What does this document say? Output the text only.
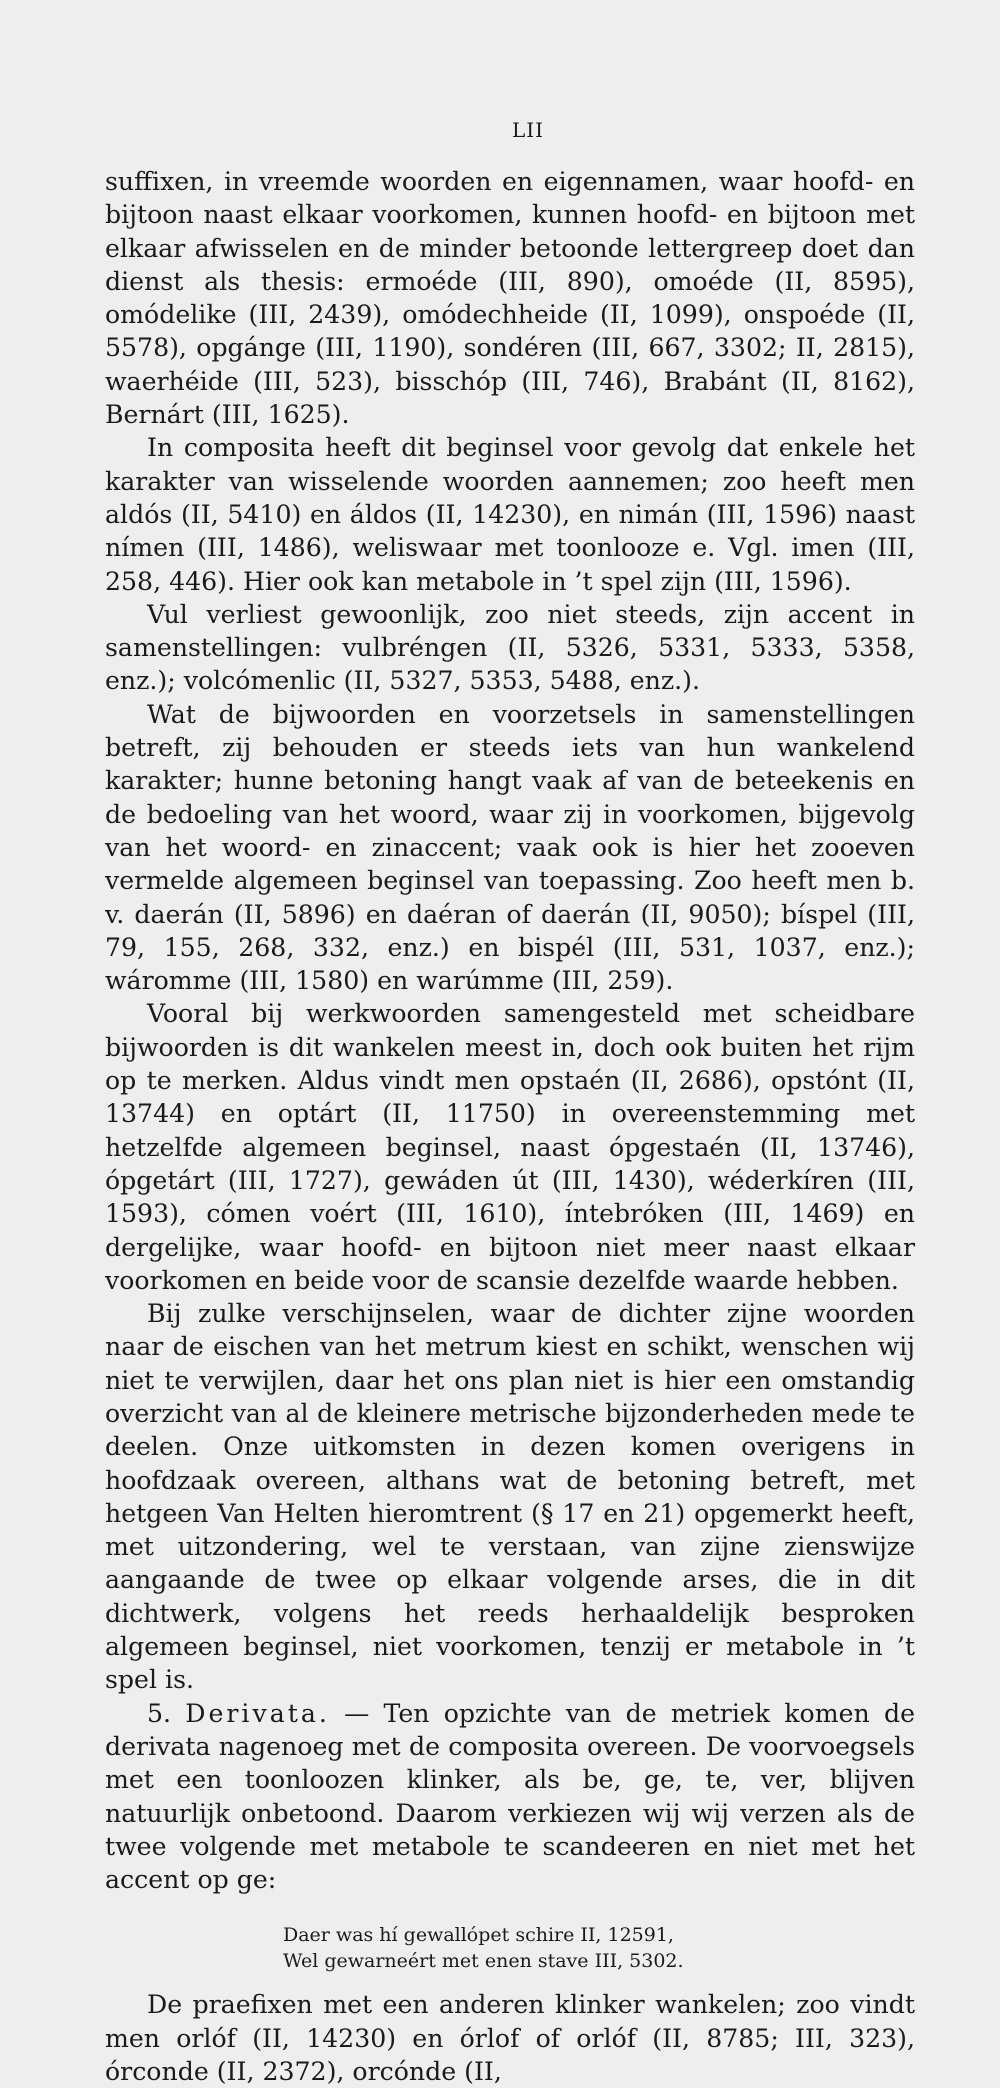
LII

suffixen, in vreemde woorden en eigennamen, waar hoofd- en bijtoon naast elkaar voorkomen, kunnen hoofd- en bijtoon met elkaar afwisselen en de minder betoonde lettergreep doet dan dienst als thesis: ermoéde (III, 890), omoéde (II, 8595), omódelike (III, 2439), omódechheide (II, 1099), onspoéde (II, 5578), opgánge (III, 1190), sondéren (III, 667, 3302; II, 2815), waerhéide (III, 523), bisschóp (III, 746), Brabánt (II, 8162), Bernárt (III, 1625).

In composita heeft dit beginsel voor gevolg dat enkele het karakter van wisselende woorden aannemen; zoo heeft men aldós (II, 5410) en áldos (II, 14230), en nimán (III, 1596) naast nímen (III, 1486), weliswaar met toonlooze e. Vgl. imen (III, 258, 446). Hier ook kan metabole in ’t spel zijn (III, 1596).

Vul verliest gewoonlijk, zoo niet steeds, zijn accent in samenstellingen: vulbréngen (II, 5326, 5331, 5333, 5358, enz.); volcómenlic (II, 5327, 5353, 5488, enz.).

Wat de bijwoorden en voorzetsels in samenstellingen betreft, zij behouden er steeds iets van hun wankelend karakter; hunne betoning hangt vaak af van de beteekenis en de bedoeling van het woord, waar zij in voorkomen, bijgevolg van het woord- en zinaccent; vaak ook is hier het zooeven vermelde algemeen beginsel van toepassing. Zoo heeft men b. v. daerán (II, 5896) en daéran of daerán (II, 9050); bíspel (III, 79, 155, 268, 332, enz.) en bispél (III, 531, 1037, enz.); wáromme (III, 1580) en warúmme (III, 259).

Vooral bij werkwoorden samengesteld met scheidbare bijwoorden is dit wankelen meest in, doch ook buiten het rijm op te merken. Aldus vindt men opstaén (II, 2686), opstónt (II, 13744) en optárt (II, 11750) in overeenstemming met hetzelfde algemeen beginsel, naast ópgestaén (II, 13746), ópgetárt (III, 1727), gewáden út (III, 1430), wéderkíren (III, 1593), cómen voért (III, 1610), íntebróken (III, 1469) en dergelijke, waar hoofd- en bijtoon niet meer naast elkaar voorkomen en beide voor de scansie dezelfde waarde hebben.

Bij zulke verschijnselen, waar de dichter zijne woorden naar de eischen van het metrum kiest en schikt, wenschen wij niet te verwijlen, daar het ons plan niet is hier een omstandig overzicht van al de kleinere metrische bijzonderheden mede te deelen. Onze uitkomsten in dezen komen overigens in hoofdzaak overeen, althans wat de betoning betreft, met hetgeen Van Helten hieromtrent (§ 17 en 21) opgemerkt heeft, met uitzondering, wel te verstaan, van zijne zienswijze aangaande de twee op elkaar volgende arses, die in dit dichtwerk, volgens het reeds herhaaldelijk besproken algemeen beginsel, niet voorkomen, tenzij er metabole in ’t spel is.

5. Derivata. — Ten opzichte van de metriek komen de derivata nagenoeg met de composita overeen. De voorvoegsels met een toonloozen klinker, als be, ge, te, ver, blijven natuurlijk onbetoond. Daarom verkiezen wij wij verzen als de twee volgende met metabole te scandeeren en niet met het accent op ge:

Daer was hí gewallópet schire II, 12591,
Wel gewarneért met enen stave III, 5302.

De praefixen met een anderen klinker wankelen; zoo vindt men orlóf (II, 14230) en órlof of orlóf (II, 8785; III, 323), órconde (II, 2372), orcónde (II,
